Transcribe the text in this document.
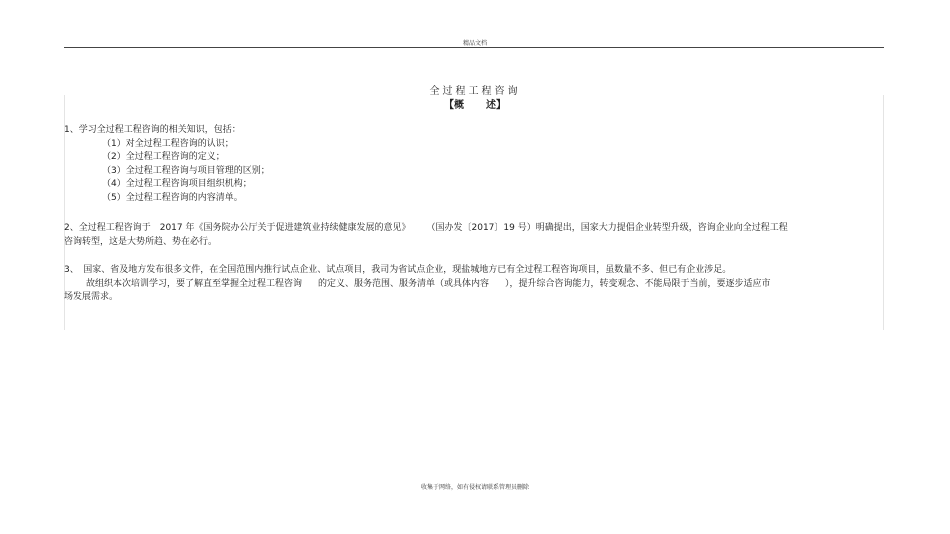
精品文档
全过程工程咨询
【概 述】

1、学习全过程工程咨询的相关知识，包括：

（1）对全过程工程咨询的认识；

（2）全过程工程咨询的定义；

（3）全过程工程咨询与项目管理的区别；

（4）全过程工程咨询项目组织机构；

（5）全过程工程咨询的内容清单。

2、全过程工程咨询于　2017 年《国务院办公厅关于促进建筑业持续健康发展的意见》 （国办发〔2017〕19 号）明确提出，国家大力提倡企业转型升级，咨询企业向全过程工程

咨询转型，这是大势所趋、势在必行。

3、　国家、省及地方发布很多文件，在全国范围内推行试点企业、试点项目，我司为省试点企业，现盐城地方已有全过程工程咨询项目，虽数量不多、但已有企业涉足。

故组织本次培训学习，要了解直至掌握全过程工程咨询 的定义、服务范围、服务清单（或具体内容 ），提升综合咨询能力，转变观念、不能局限于当前，要逐步适应市

场发展需求。

收集于网络，如有侵权请联系管理员删除
